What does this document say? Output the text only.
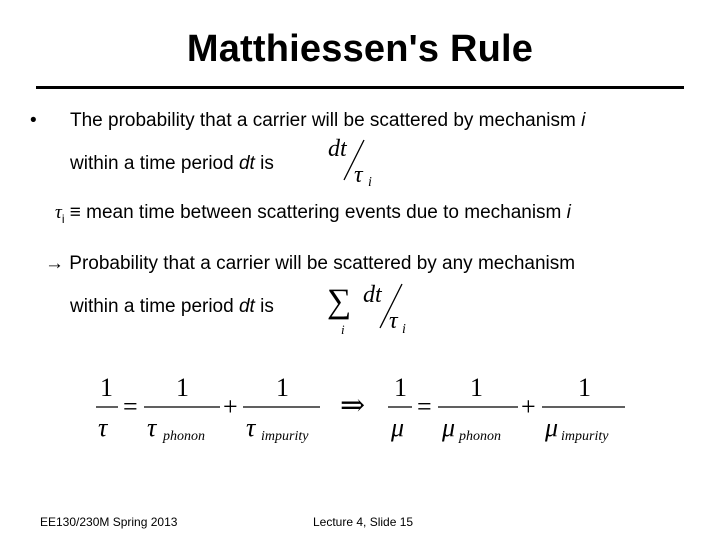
Matthiessen's Rule
• The probability that a carrier will be scattered by mechanism i
within a time period dt is
dt
τ i
$\tau_i$ ≡ mean time between scattering events due to mechanism i
→ Probability that a carrier will be scattered by any mechanism
within a time period dt is ∑
i
dt
τ i
1
τ
=
1
τ phonon
+
1
τ impurity
⇒
1
μ
=
1
μ phonon
+
1
μ impurity
EE130/230M Spring 2013	Lecture 4, Slide 15
